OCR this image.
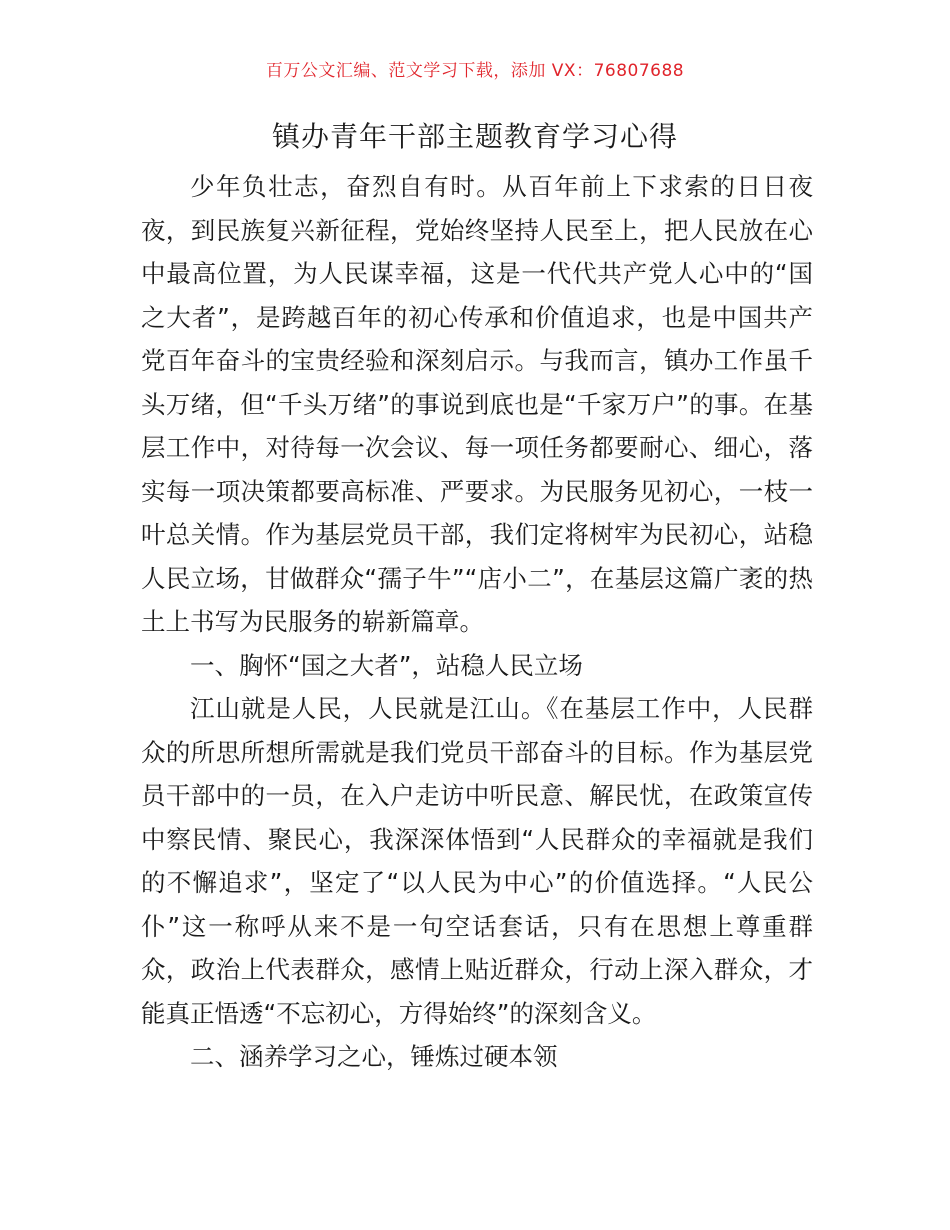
百万公文汇编、范文学习下载，添加 VX：76807688
镇办青年干部主题教育学习心得

少年负壮志，奋烈自有时。从百年前上下求索的日日夜夜，到民族复兴新征程，党始终坚持人民至上，把人民放在心中最高位置，为人民谋幸福，这是一代代共产党人心中的“国之大者”，是跨越百年的初心传承和价值追求，也是中国共产党百年奋斗的宝贵经验和深刻启示。与我而言，镇办工作虽千头万绪，但“千头万绪”的事说到底也是“千家万户”的事。在基层工作中，对待每一次会议、每一项任务都要耐心、细心，落实每一项决策都要高标准、严要求。为民服务见初心，一枝一叶总关情。作为基层党员干部，我们定将树牢为民初心，站稳人民立场，甘做群众“孺子牛”“店小二”，在基层这篇广袤的热土上书写为民服务的崭新篇章。

一、胸怀“国之大者”，站稳人民立场

江山就是人民，人民就是江山。《在基层工作中，人民群众的所思所想所需就是我们党员干部奋斗的目标。作为基层党员干部中的一员，在入户走访中听民意、解民忧，在政策宣传中察民情、聚民心，我深深体悟到“人民群众的幸福就是我们的不懈追求”，坚定了“以人民为中心”的价值选择。“人民公仆”这一称呼从来不是一句空话套话，只有在思想上尊重群众，政治上代表群众，感情上贴近群众，行动上深入群众，才能真正悟透“不忘初心，方得始终”的深刻含义。

二、涵养学习之心，锤炼过硬本领
